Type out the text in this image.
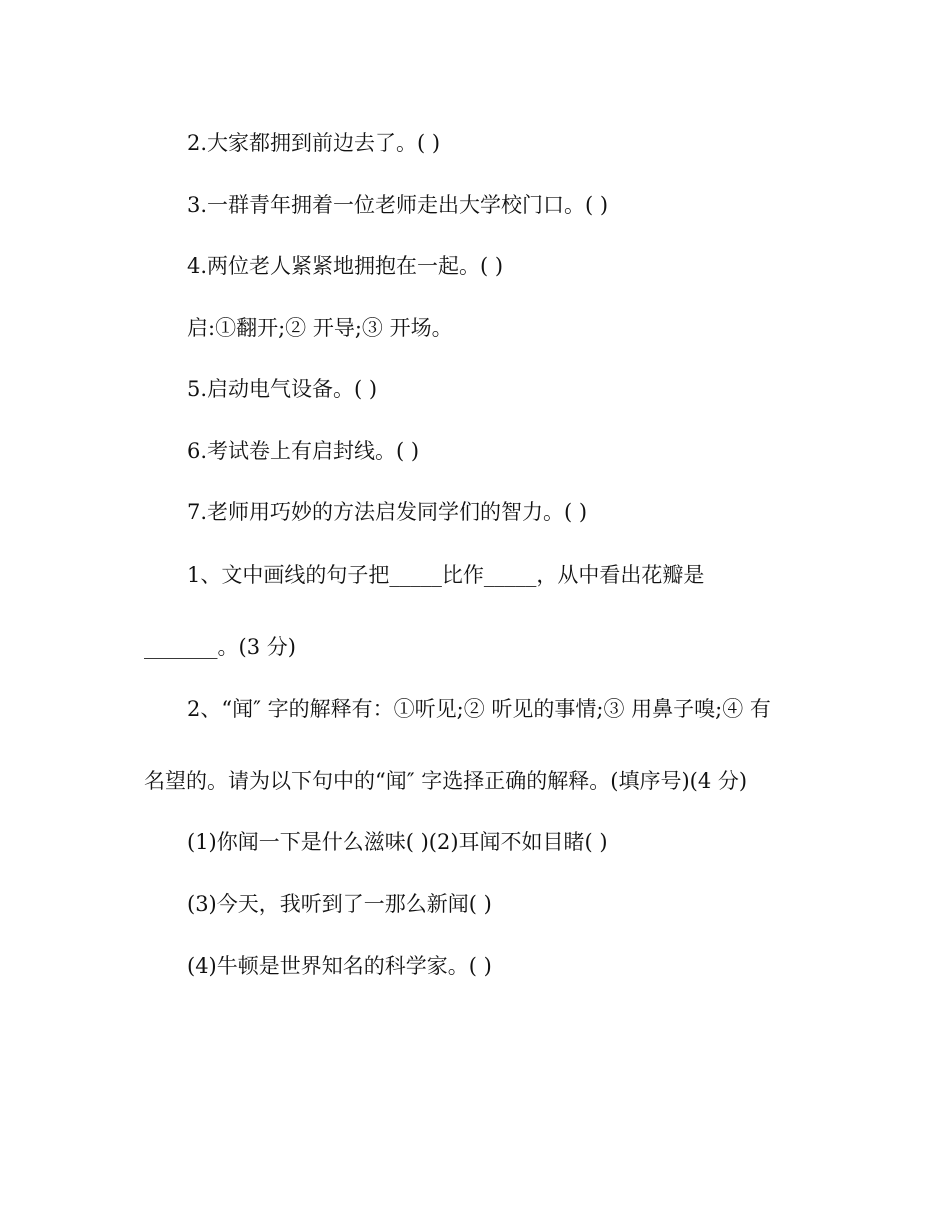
2.大家都拥到前边去了。( )

3.一群青年拥着一位老师走出大学校门口。( )

4.两位老人紧紧地拥抱在一起。( )

启:①翻开;② 开导;③ 开场。

5.启动电气设备。( )

6.考试卷上有启封线。( )

7.老师用巧妙的方法启发同学们的智力。( )

1、文中画线的句子把_____比作_____，从中看出花瓣是

_______。(3 分)

2、“闻″ 字的解释有：①听见;② 听见的事情;③ 用鼻子嗅;④ 有

名望的。请为以下句中的“闻″ 字选择正确的解释。(填序号)(4 分)

(1)你闻一下是什么滋味( )(2)耳闻不如目睹( )

(3)今天，我听到了一那么新闻( )

(4)牛顿是世界知名的科学家。( )
